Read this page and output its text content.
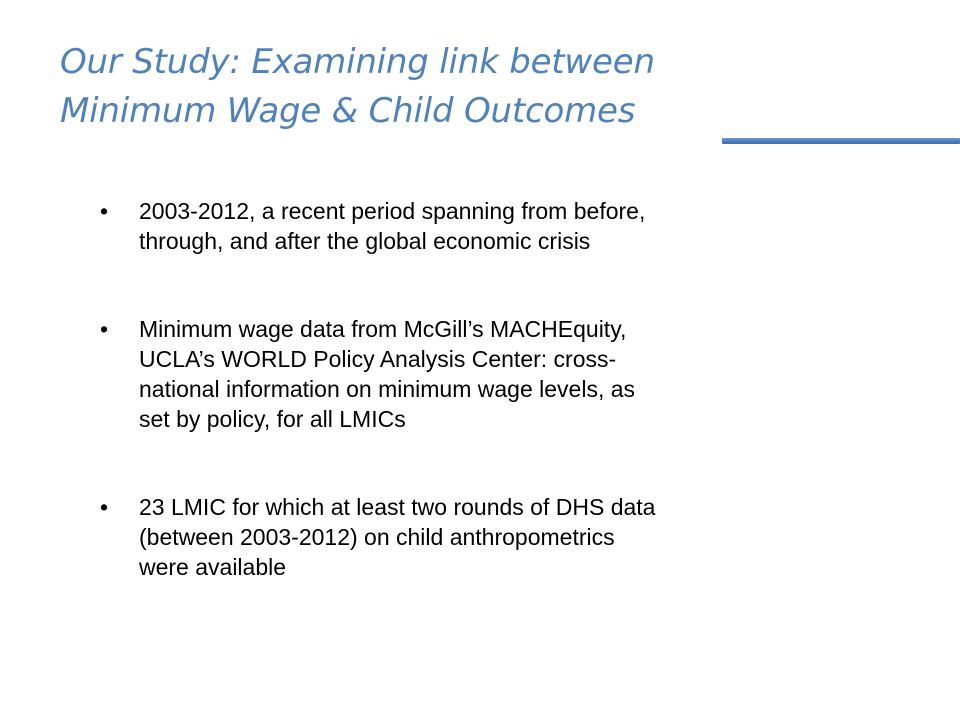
Our Study: Examining link between
Minimum Wage & Child Outcomes
•	2003-2012, a recent period spanning from before,
through, and after the global economic crisis
•	Minimum wage data from McGill’s MACHEquity,
UCLA’s WORLD Policy Analysis Center: cross-
national information on minimum wage levels, as
set by policy, for all LMICs
•	23 LMIC for which at least two rounds of DHS data
(between 2003-2012) on child anthropometrics
were available
